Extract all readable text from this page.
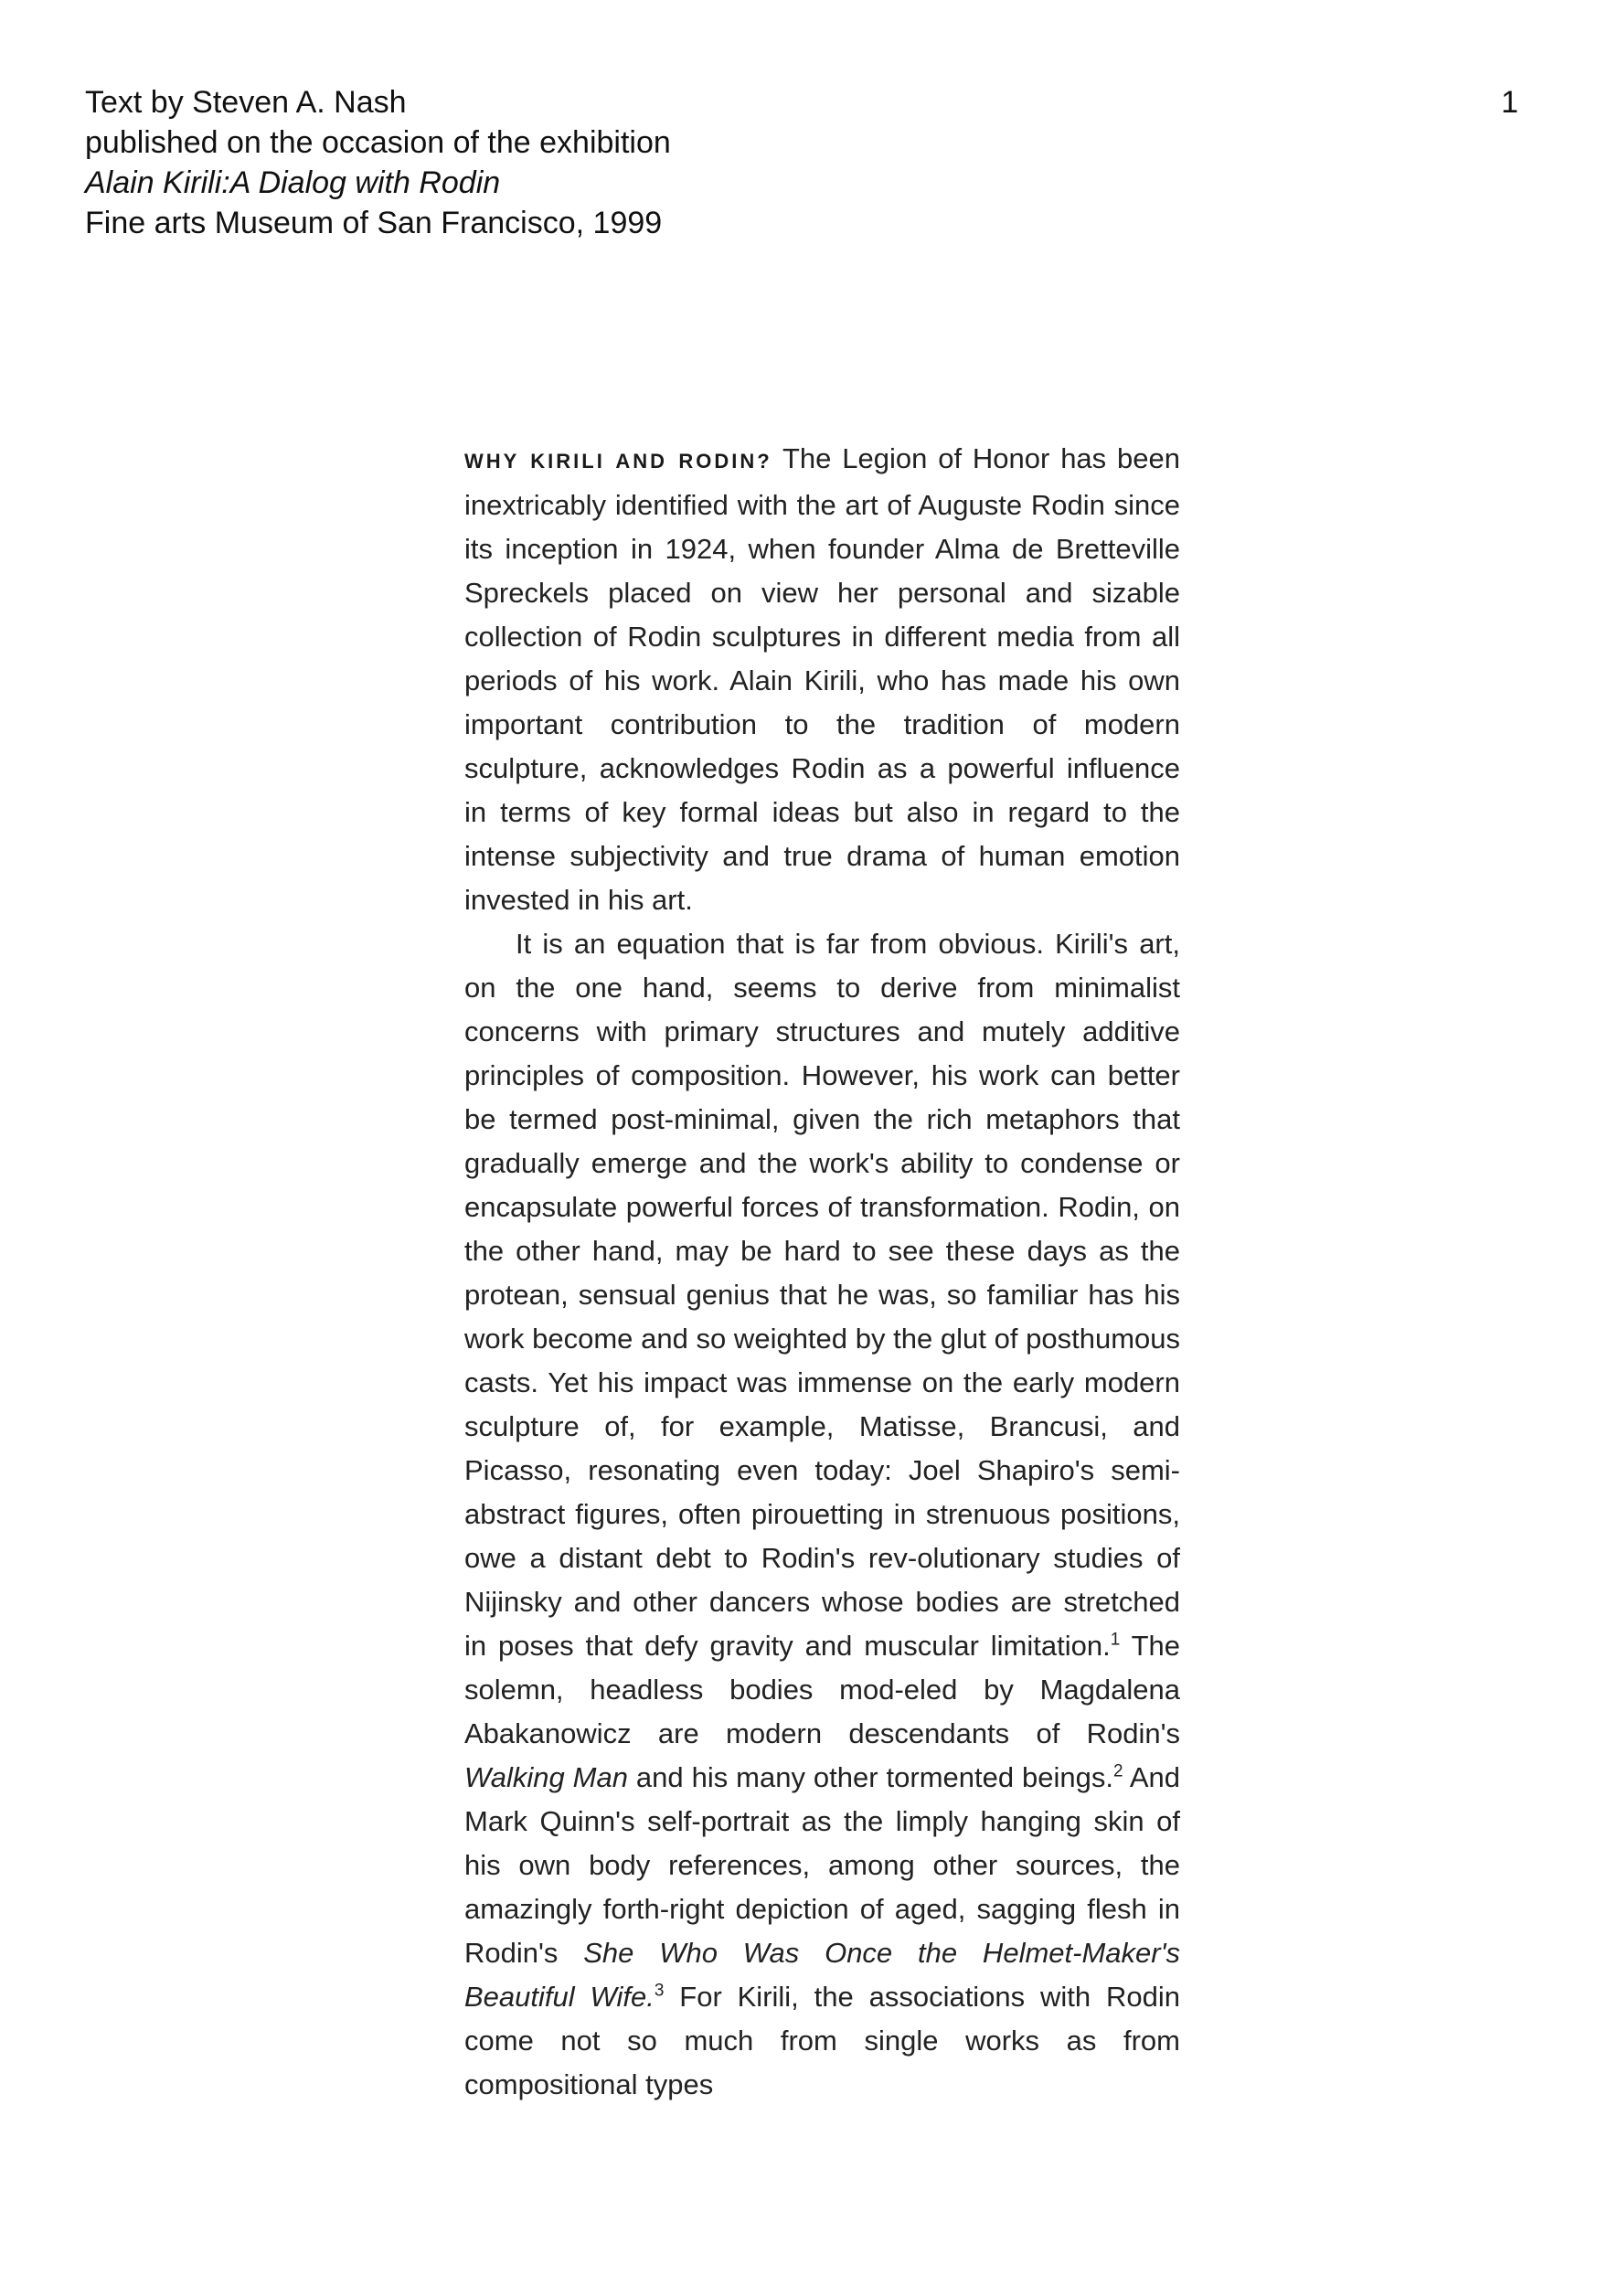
Text by Steven A. Nash
published on the occasion of the exhibition
Alain Kirili:A Dialog with Rodin
Fine arts Museum of San Francisco, 1999
1

WHY KIRILI AND RODIN? The Legion of Honor has been inextricably identified with the art of Auguste Rodin since its inception in 1924, when founder Alma de Bretteville Spreckels placed on view her personal and sizable collection of Rodin sculptures in different media from all periods of his work. Alain Kirili, who has made his own important contribution to the tradition of modern sculpture, acknowledges Rodin as a powerful influence in terms of key formal ideas but also in regard to the intense subjectivity and true drama of human emotion invested in his art.

It is an equation that is far from obvious. Kirili's art, on the one hand, seems to derive from minimalist concerns with primary structures and mutely additive principles of composition. However, his work can better be termed post-minimal, given the rich metaphors that gradually emerge and the work's ability to condense or encapsulate powerful forces of transformation. Rodin, on the other hand, may be hard to see these days as the protean, sensual genius that he was, so familiar has his work become and so weighted by the glut of posthumous casts. Yet his impact was immense on the early modern sculpture of, for example, Matisse, Brancusi, and Picasso, resonating even today: Joel Shapiro's semi-abstract figures, often pirouetting in strenuous positions, owe a distant debt to Rodin's rev-olutionary studies of Nijinsky and other dancers whose bodies are stretched in poses that defy gravity and muscular limitation.$^1$ The solemn, headless bodies mod-eled by Magdalena Abakanowicz are modern descendants of Rodin's Walking Man and his many other tormented beings.$^2$ And Mark Quinn's self-portrait as the limply hanging skin of his own body references, among other sources, the amazingly forth-right depiction of aged, sagging flesh in Rodin's She Who Was Once the Helmet-Maker's Beautiful Wife.$^3$ For Kirili, the associations with Rodin come not so much from single works as from compositional types
